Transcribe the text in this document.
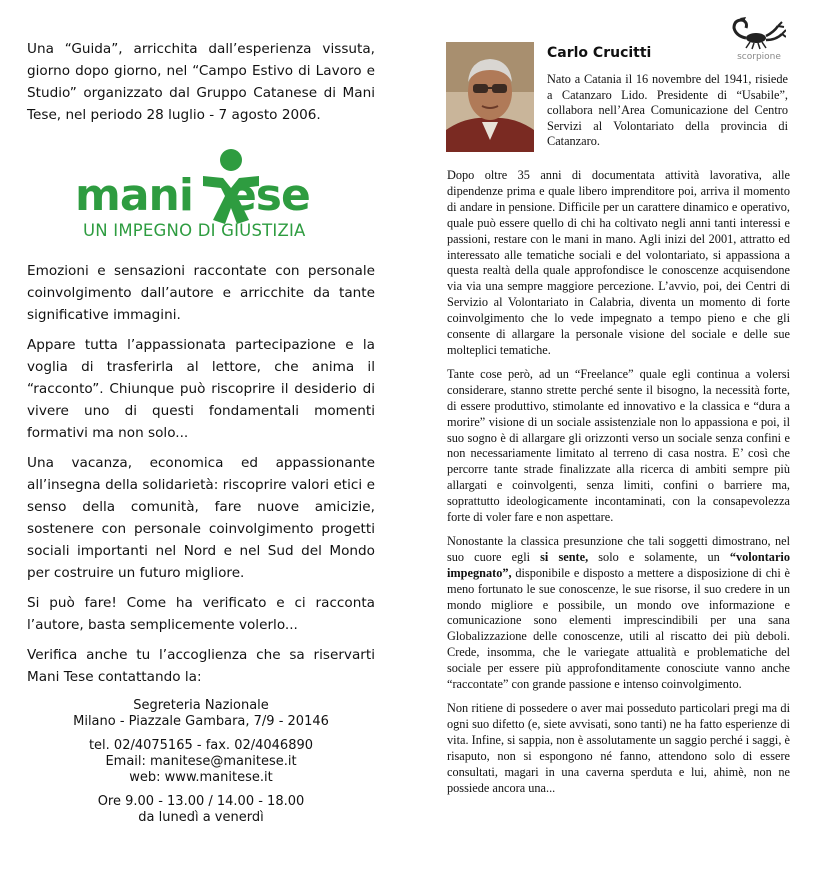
Una “Guida”, arricchita dall’esperienza vissuta, giorno dopo giorno, nel “Campo Estivo di Lavoro e Studio” organizzato dal Gruppo Catanese di Mani Tese, nel periodo 28 luglio - 7 agosto 2006.

mani ese
UN IMPEGNO DI GIUSTIZIA

Emozioni e sensazioni raccontate con personale coinvolgimento dall’autore e arricchite da tante significative immagini.

Appare tutta l’appassionata partecipazione e la voglia di trasferirla al lettore, che anima il “racconto”. Chiunque può riscoprire il desiderio di vivere uno di questi fondamentali momenti formativi ma non solo...

Una vacanza, economica ed appassionante all’insegna della solidarietà: riscoprire valori etici e senso della comunità, fare nuove amicizie, sostenere con personale coinvolgimento progetti sociali importanti nel Nord e nel Sud del Mondo per costruire un futuro migliore.

Si può fare! Come ha verificato e ci racconta l’autore, basta semplicemente volerlo...

Verifica anche tu l’accoglienza che sa riservarti Mani Tese contattando la:

Segreteria Nazionale
Milano - Piazzale Gambara, 7/9 - 20146
tel. 02/4075165 - fax. 02/4046890
Email: manitese@manitese.it
web: www.manitese.it
Ore 9.00 - 13.00 / 14.00 - 18.00
da lunedì a venerdì
Carlo Crucitti	scorpione

Nato a Catania il 16 novembre del 1941, risiede a Catanzaro Lido. Presidente di “Usabile”, collabora nell’Area Comunicazione del Centro Servizi al Volontariato della provincia di Catanzaro.

Dopo oltre 35 anni di documentata attività lavorativa, alle dipendenze prima e quale libero imprenditore poi, arriva il momento di andare in pensione. Difficile per un carattere dinamico e operativo, quale può essere quello di chi ha coltivato negli anni tanti interessi e passioni, restare con le mani in mano. Agli inizi del 2001, attratto ed interessato alle tematiche sociali e del volontariato, si appassiona a questa realtà della quale approfondisce le conoscenze acquisendone via via una sempre maggiore percezione. L’avvio, poi, dei Centri di Servizio al Volontariato in Calabria, diventa un momento di forte coinvolgimento che lo vede impegnato a tempo pieno e che gli consente di allargare la personale visione del sociale e delle sue molteplici tematiche.

Tante cose però, ad un “Freelance” quale egli continua a volersi considerare, stanno strette perché sente il bisogno, la necessità forte, di essere produttivo, stimolante ed innovativo e la classica e “dura a morire” visione di un sociale assistenziale non lo appassiona e poi, il suo sogno è di allargare gli orizzonti verso un sociale senza confini e non necessariamente limitato al terreno di casa nostra. E’ così che percorre tante strade finalizzate alla ricerca di ambiti sempre più allargati e coinvolgenti, senza limiti, confini o barriere ma, soprattutto ideologicamente incontaminati, con la consapevolezza forte di voler fare e non aspettare.

Nonostante la classica presunzione che tali soggetti dimostrano, nel suo cuore egli si sente, solo e solamente, un “volontario impegnato”, disponibile e disposto a mettere a disposizione di chi è meno fortunato le sue conoscenze, le sue risorse, il suo credere in un mondo migliore e possibile, un mondo ove informazione e comunicazione sono elementi imprescindibili per una sana Globalizzazione delle conoscenze, utili al riscatto dei più deboli. Crede, insomma, che le variegate attualità e problematiche del sociale per essere più approfonditamente conosciute vanno anche “raccontate” con grande passione e intenso coinvolgimento.

Non ritiene di possedere o aver mai posseduto particolari pregi ma di ogni suo difetto (e, siete avvisati, sono tanti) ne ha fatto esperienze di vita. Infine, si sappia, non è assolutamente un saggio perché i saggi, è risaputo, non si espongono né fanno, attendono solo di essere consultati, magari in una caverna sperduta e lui, ahimè, non ne possiede ancora una...
